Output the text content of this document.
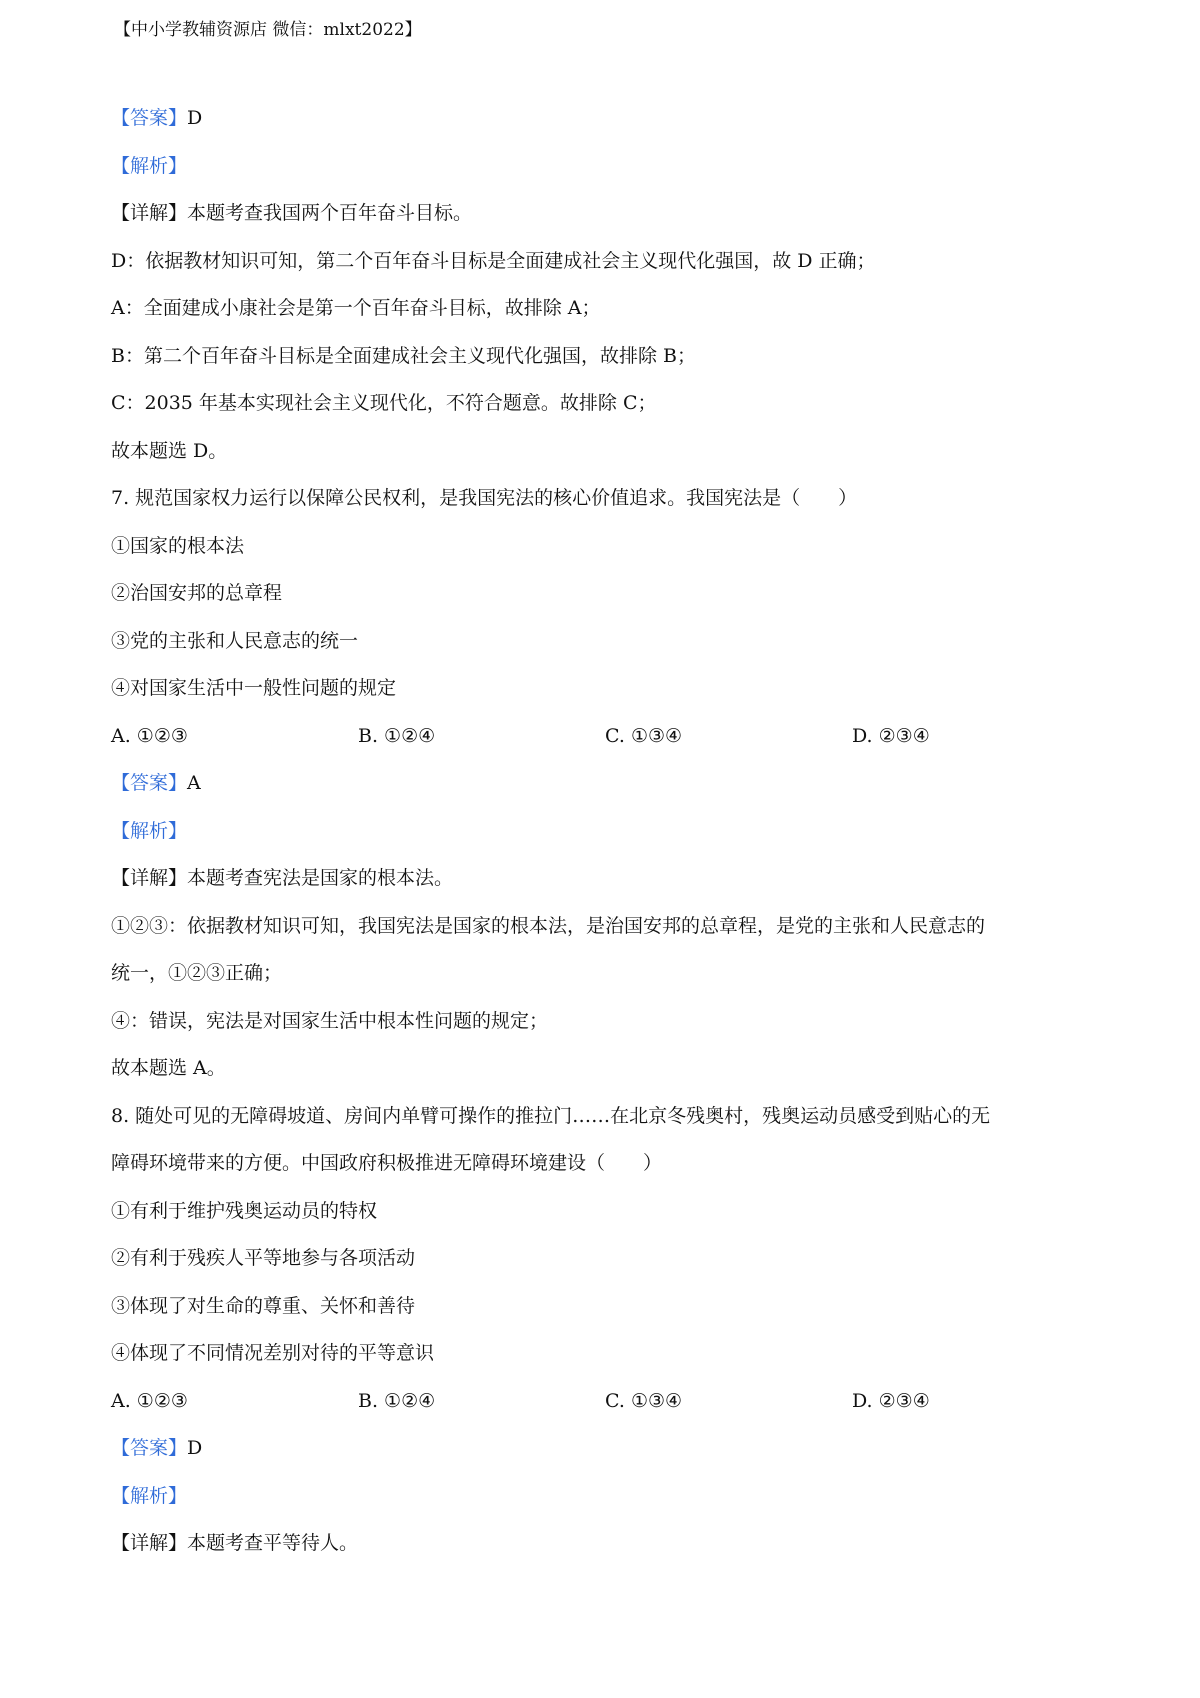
【中小学教辅资源店 微信：mlxt2022】
【答案】D
【解析】
【详解】本题考查我国两个百年奋斗目标。
D：依据教材知识可知，第二个百年奋斗目标是全面建成社会主义现代化强国，故 D 正确；
A：全面建成小康社会是第一个百年奋斗目标，故排除 A；
B：第二个百年奋斗目标是全面建成社会主义现代化强国，故排除 B；
C：2035 年基本实现社会主义现代化，不符合题意。故排除 C；
故本题选 D。
7. 规范国家权力运行以保障公民权利，是我国宪法的核心价值追求。我国宪法是（　　）
①国家的根本法
②治国安邦的总章程
③党的主张和人民意志的统一
④对国家生活中一般性问题的规定
A. ①②③	B. ①②④	C. ①③④	D. ②③④
【答案】A
【解析】
【详解】本题考查宪法是国家的根本法。
①②③：依据教材知识可知，我国宪法是国家的根本法，是治国安邦的总章程，是党的主张和人民意志的
统一，①②③正确；
④：错误，宪法是对国家生活中根本性问题的规定；
故本题选 A。
8. 随处可见的无障碍坡道、房间内单臂可操作的推拉门……在北京冬残奥村，残奥运动员感受到贴心的无
障碍环境带来的方便。中国政府积极推进无障碍环境建设（　　）
①有利于维护残奥运动员的特权
②有利于残疾人平等地参与各项活动
③体现了对生命的尊重、关怀和善待
④体现了不同情况差别对待的平等意识
A. ①②③	B. ①②④	C. ①③④	D. ②③④
【答案】D
【解析】
【详解】本题考查平等待人。
